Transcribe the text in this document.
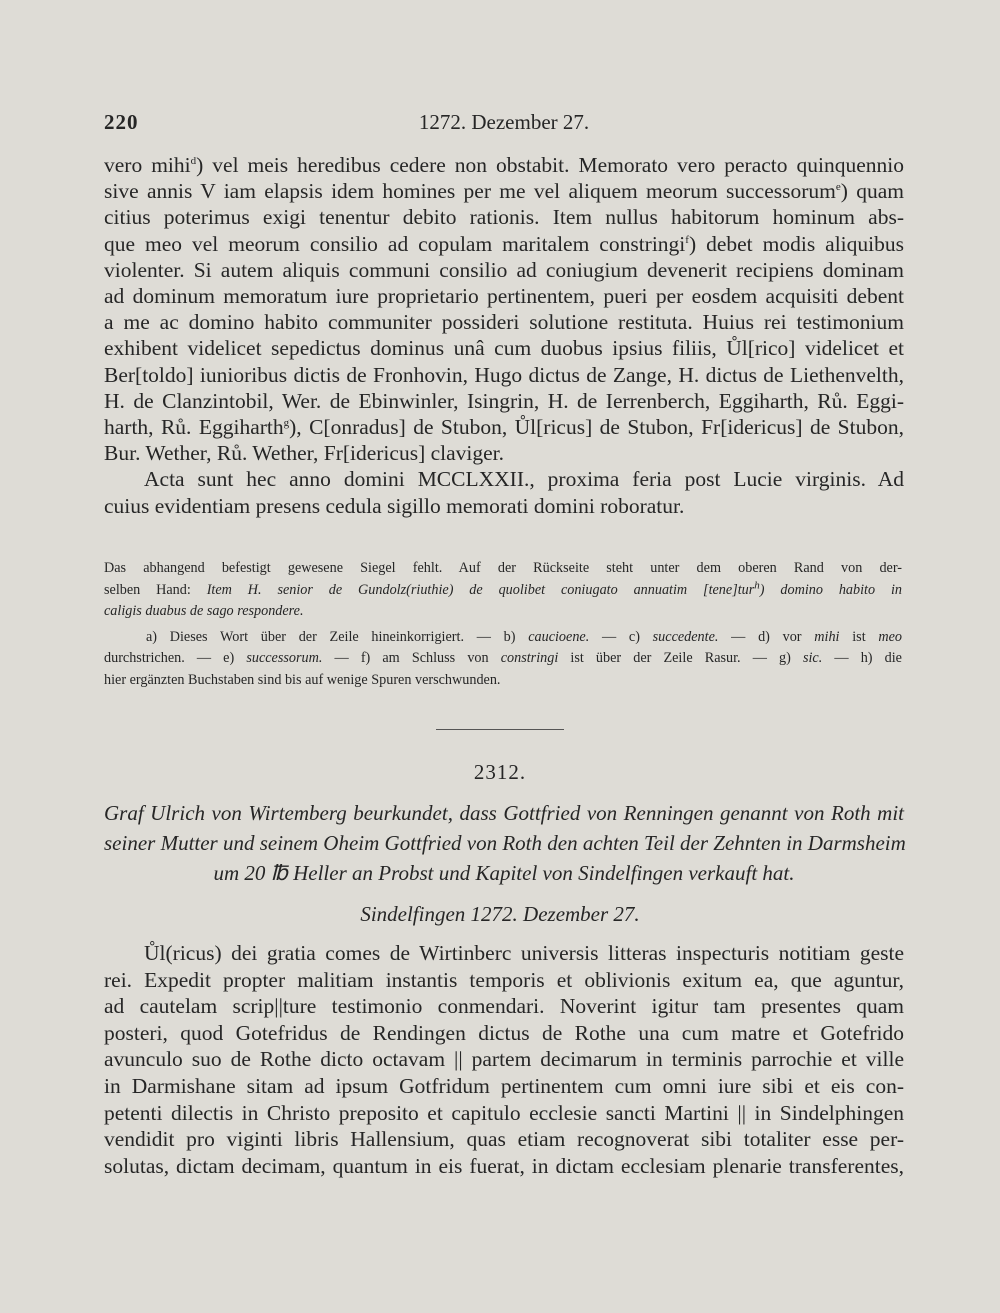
220	1272. Dezember 27.
vero mihi$^d$) vel meis heredibus cedere non obstabit. Memorato vero peracto quinquennio
sive annis V iam elapsis idem homines per me vel aliquem meorum successorum$^e$) quam
citius poterimus exigi tenentur debito rationis. Item nullus habitorum hominum abs-
que meo vel meorum consilio ad copulam maritalem constringi$^f$) debet modis aliquibus
violenter. Si autem aliquis communi consilio ad coniugium devenerit recipiens dominam
ad dominum memoratum iure proprietario pertinentem, pueri per eosdem acquisiti debent
a me ac domino habito communiter possideri solutione restituta. Huius rei testimonium
exhibent videlicet sepedictus dominus unâ cum duobus ipsius filiis, Ůl[rico] videlicet et
Ber[toldo] iunioribus dictis de Fronhovin, Hugo dictus de Zange, H. dictus de Liethenvelth,
H. de Clanzintobil, Wer. de Ebinwinler, Isingrin, H. de Ierrenberch, Eggiharth, Rů. Eggi-
harth, Rů. Eggiharth$^g$), C[onradus] de Stubon, Ůl[ricus] de Stubon, Fr[idericus] de Stubon,
Bur. Wether, Rů. Wether, Fr[idericus] claviger.
Acta sunt hec anno domini MCCLXXII., proxima feria post Lucie virginis. Ad
cuius evidentiam presens cedula sigillo memorati domini roboratur.
Das abhangend befestigt gewesene Siegel fehlt. Auf der Rückseite steht unter dem oberen Rand von der-
selben Hand: Item H. senior de Gundolz(riuthie) de quolibet coniugato annuatim [tene]tur$^h$) domino habito in
caligis duabus de sago respondere.
a) Dieses Wort über der Zeile hineinkorrigiert. — b) caucioene. — c) succedente. — d) vor mihi ist meo
durchstrichen. — e) successorum. — f) am Schluss von constringi ist über der Zeile Rasur. — g) sic. — h) die
hier ergänzten Buchstaben sind bis auf wenige Spuren verschwunden.
2312.
Graf Ulrich von Wirtemberg beurkundet, dass Gottfried von Renningen genannt von Roth mit
seiner Mutter und seinem Oheim Gottfried von Roth den achten Teil der Zehnten in Darmsheim
um 20 ℔ Heller an Probst und Kapitel von Sindelfingen verkauft hat.
Sindelfingen 1272. Dezember 27.
Ůl(ricus) dei gratia comes de Wirtinberc universis litteras inspecturis notitiam geste
rei. Expedit propter malitiam instantis temporis et oblivionis exitum ea, que aguntur,
ad cautelam scrip||ture testimonio conmendari. Noverint igitur tam presentes quam
posteri, quod Gotefridus de Rendingen dictus de Rothe una cum matre et Gotefrido
avunculo suo de Rothe dicto octavam || partem decimarum in terminis parrochie et ville
in Darmishane sitam ad ipsum Gotfridum pertinentem cum omni iure sibi et eis con-
petenti dilectis in Christo preposito et capitulo ecclesie sancti Martini || in Sindelphingen
vendidit pro viginti libris Hallensium, quas etiam recognoverat sibi totaliter esse per-
solutas, dictam decimam, quantum in eis fuerat, in dictam ecclesiam plenarie transferentes,
